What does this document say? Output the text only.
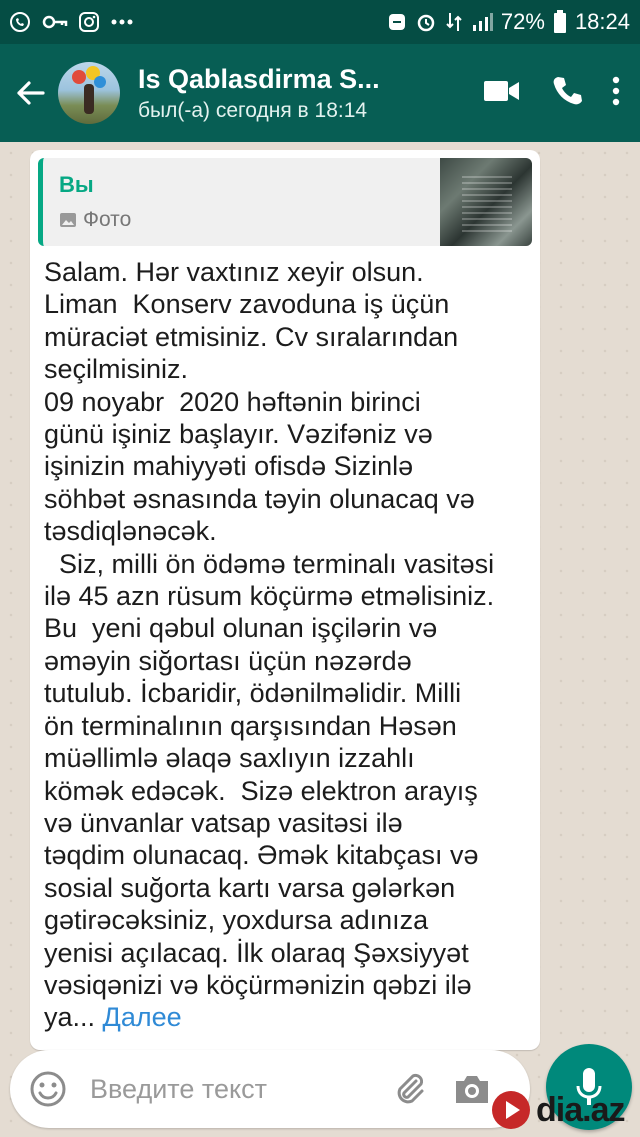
72% 18:24
Is Qablasdirma S...
был(-а) сегодня в 18:14
Вы
Фото

Salam. Hər vaxtınız xeyir olsun.
Liman  Konserv zavoduna iş üçün
müraciət etmisiniz. Cv sıralarından
seçilmisiniz.
09 noyabr  2020 həftənin birinci
günü işiniz başlayır. Vəzifəniz və
işinizin mahiyyəti ofisdə Sizinlə
söhbət əsnasında təyin olunacaq və
təsdiqlənəcək.
Siz, milli ön ödəmə terminalı vasitəsi
ilə 45 azn rüsum köçürmə etməlisiniz.
Bu  yeni qəbul olunan işçilərin və
əməyin siğortası üçün nəzərdə
tutulub. İcbaridir, ödənilməlidir. Milli
ön terminalının qarşısından Həsən
müəllimlə əlaqə saxlıyın izzahlı
kömək edəcək.  Sizə elektron arayış
və ünvanlar vatsap vasitəsi ilə
təqdim olunacaq. Əmək kitabçası və
sosial suğorta kartı varsa gələrkən
gətirəcəksiniz, yoxdursa adınıza
yenisi açılacaq. İlk olaraq Şəxsiyyət
vəsiqənizi və köçürmənizin qəbzi ilə
ya... Далее

Введите текст
dia.az
